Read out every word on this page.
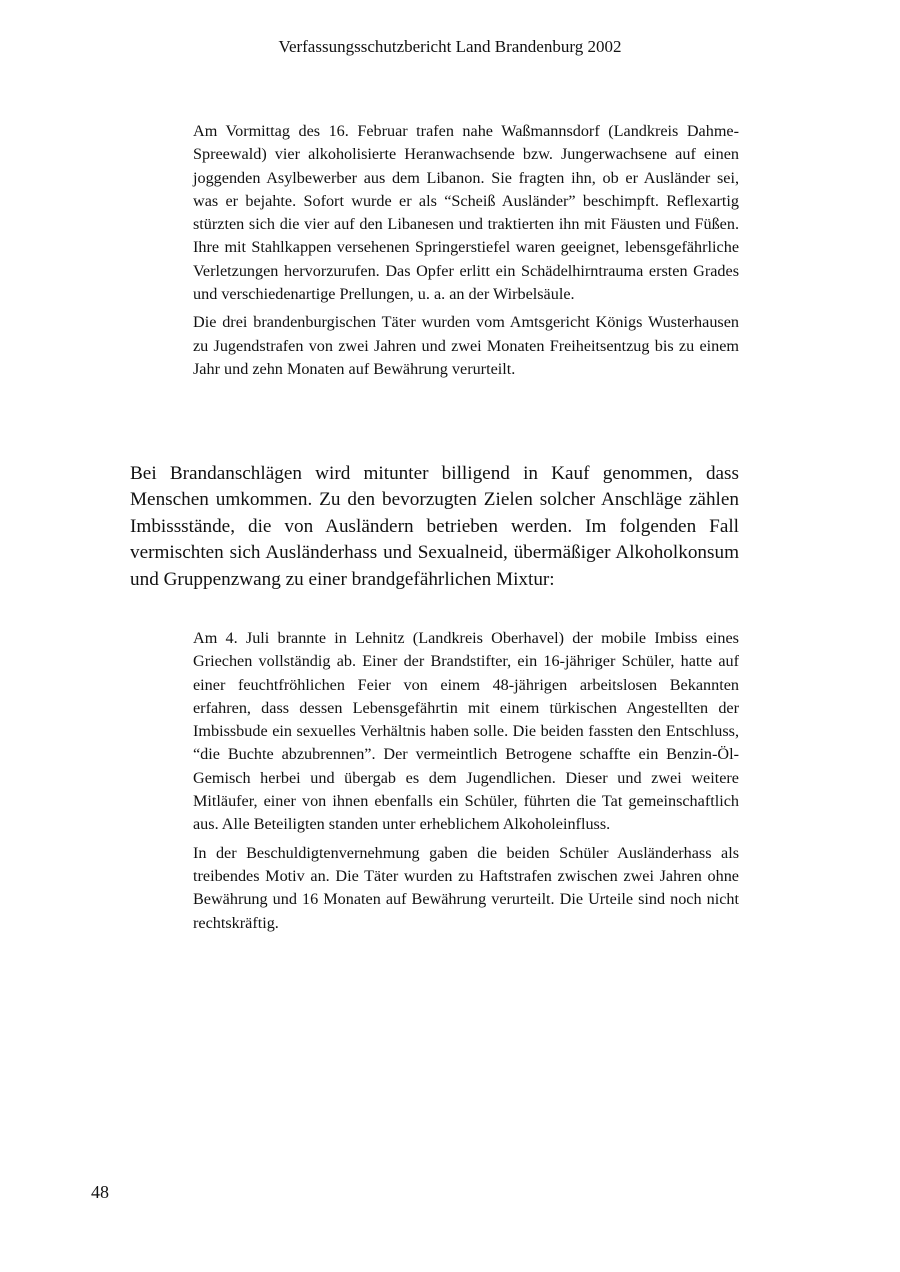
Verfassungsschutzbericht Land Brandenburg 2002

Am Vormittag des 16. Februar trafen nahe Waßmannsdorf (Landkreis Dahme-Spreewald) vier alkoholisierte Heranwachsende bzw. Jungerwachsene auf einen joggenden Asylbewerber aus dem Libanon. Sie fragten ihn, ob er Ausländer sei, was er bejahte. Sofort wurde er als “Scheiß Ausländer” beschimpft. Reflexartig stürzten sich die vier auf den Libanesen und traktierten ihn mit Fäusten und Füßen. Ihre mit Stahlkappen versehenen Springerstiefel waren geeignet, lebensgefährliche Verletzungen hervorzurufen. Das Opfer erlitt ein Schädelhirntrauma ersten Grades und verschiedenartige Prellungen, u. a. an der Wirbelsäule.

Die drei brandenburgischen Täter wurden vom Amtsgericht Königs Wusterhausen zu Jugendstrafen von zwei Jahren und zwei Monaten Freiheitsentzug bis zu einem Jahr und zehn Monaten auf Bewährung verurteilt.

Bei Brandanschlägen wird mitunter billigend in Kauf genommen, dass Menschen umkommen. Zu den bevorzugten Zielen solcher Anschläge zählen Imbissstände, die von Ausländern betrieben werden. Im folgenden Fall vermischten sich Ausländerhass und Sexualneid, übermäßiger Alkoholkonsum und Gruppenzwang zu einer brandgefährlichen Mixtur:

Am 4. Juli brannte in Lehnitz (Landkreis Oberhavel) der mobile Imbiss eines Griechen vollständig ab. Einer der Brandstifter, ein 16-jähriger Schüler, hatte auf einer feuchtfröhlichen Feier von einem 48-jährigen arbeitslosen Bekannten erfahren, dass dessen Lebensgefährtin mit einem türkischen Angestellten der Imbissbude ein sexuelles Verhältnis haben solle. Die beiden fassten den Entschluss, “die Buchte abzubrennen”. Der vermeintlich Betrogene schaffte ein Benzin-Öl-Gemisch herbei und übergab es dem Jugendlichen. Dieser und zwei weitere Mitläufer, einer von ihnen ebenfalls ein Schüler, führten die Tat gemeinschaftlich aus. Alle Beteiligten standen unter erheblichem Alkoholeinfluss.

In der Beschuldigtenvernehmung gaben die beiden Schüler Ausländerhass als treibendes Motiv an. Die Täter wurden zu Haftstrafen zwischen zwei Jahren ohne Bewährung und 16 Monaten auf Bewährung verurteilt. Die Urteile sind noch nicht rechtskräftig.

48
